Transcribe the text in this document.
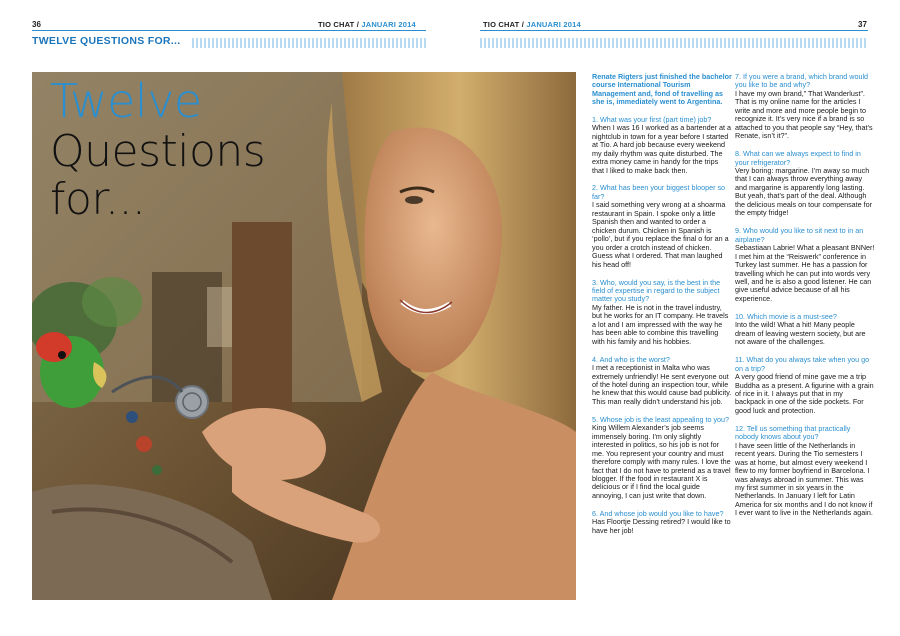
36	TIO CHAT / JANUARI 2014
TWELVE QUESTIONS FOR...
TIO CHAT / JANUARI 2014	37
Twelve
Questions
for...

Renate Rigters just finished the bachelor course International Tourism Management and, fond of travelling as she is, immediately went to Argentina.

1. What was your first (part time) job?
When I was 16 I worked as a bartender at a nightclub in town for a year before I started at Tio. A hard job because every weekend my daily rhythm was quite disturbed. The extra money came in handy for the trips that I liked to make back then.
2. What has been your biggest blooper so far?
I said something very wrong at a shoarma restaurant in Spain. I spoke only a little Spanish then and wanted to order a chicken durum. Chicken in Spanish is ‘pollo’, but if you replace the final o for an a you order a crotch instead of chicken. Guess what I ordered. That man laughed his head off!
3. Who, would you say, is the best in the field of expertise in regard to the subject matter you study?
My father. He is not in the travel industry, but he works for an IT company. He travels a lot and I am impressed with the way he has been able to combine this travelling with his family and his hobbies.
4. And who is the worst?
I met a receptionist in Malta who was extremely unfriendly! He sent everyone out of the hotel during an inspection tour, while he knew that this would cause bad publicity. This man really didn’t understand his job.
5. Whose job is the least appealing to you?
King Willem Alexander’s job seems immensely boring. I’m only slightly interested in politics, so his job is not for me. You represent your country and must therefore comply with many rules. I love the fact that I do not have to pretend as a travel blogger. If the food in restaurant X is delicious or if I find the local guide annoying, I can just write that down.
6. And whose job would you like to have?
Has Floortje Dessing retired? I would like to have her job!
7. If you were a brand, which brand would you like to be and why?
I have my own brand,” That Wanderlust”. That is my online name for the articles I write and more and more people begin to recognize it. It’s very nice if a brand is so attached to you that people say “Hey, that’s Renate, isn’t it?”.
8. What can we always expect to find in your refrigerator?
Very boring: margarine. I’m away so much that I can always throw everything away and margarine is apparently long lasting. But yeah, that’s part of the deal. Although the delicious meals on tour compensate for the empty fridge!
9. Who would you like to sit next to in an airplane?
Sebastiaan Labrie! What a pleasant BNNer! I met him at the “Reiswerk” conference in Turkey last summer. He has a passion for travelling which he can put into words very well, and he is also a good listener. He can give useful advice because of all his experience.
10. Which movie is a must-see?
Into the wild! What a hit! Many people dream of leaving western society, but are not aware of the challenges.
11. What do you always take when you go on a trip?
A very good friend of mine gave me a trip Buddha as a present. A figurine with a grain of rice in it. I always put that in my backpack in one of the side pockets. For good luck and protection.
12. Tell us something that practically nobody knows about you?
I have seen little of the Netherlands in recent years. During the Tio semesters I was at home, but almost every weekend I flew to my former boyfriend in Barcelona. I was always abroad in summer. This was my first summer in six years in the Netherlands. In January I left for Latin America for six months and I do not know if I ever want to live in the Netherlands again.
